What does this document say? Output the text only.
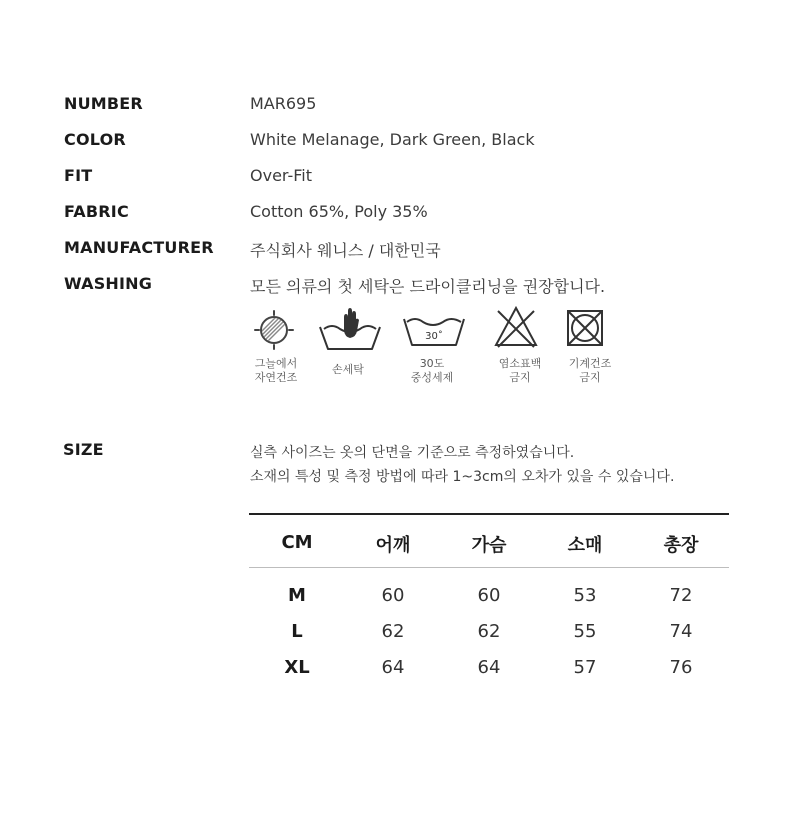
NUMBER	MAR695
COLOR	White Melanage, Dark Green, Black
FIT	Over-Fit
FABRIC	Cotton 65%, Poly 35%
MANUFACTURER 주식회사 웨니스 / 대한민국
WASHING	모든 의류의 첫 세탁은 드라이클리닝을 권장합니다.
그늘에서
자연건조
손세탁
30˚
30도
중성세제
염소표백
금지
기계건조
금지
SIZE	실측 사이즈는 옷의 단면을 기준으로 측정하였습니다.
소재의 특성 및 측정 방법에 따라 1~3cm의 오차가 있을 수 있습니다.
CM	어깨	가슴	소매	총장
M	60	60	53	72
L	62	62	55	74
XL	64	64	57	76
